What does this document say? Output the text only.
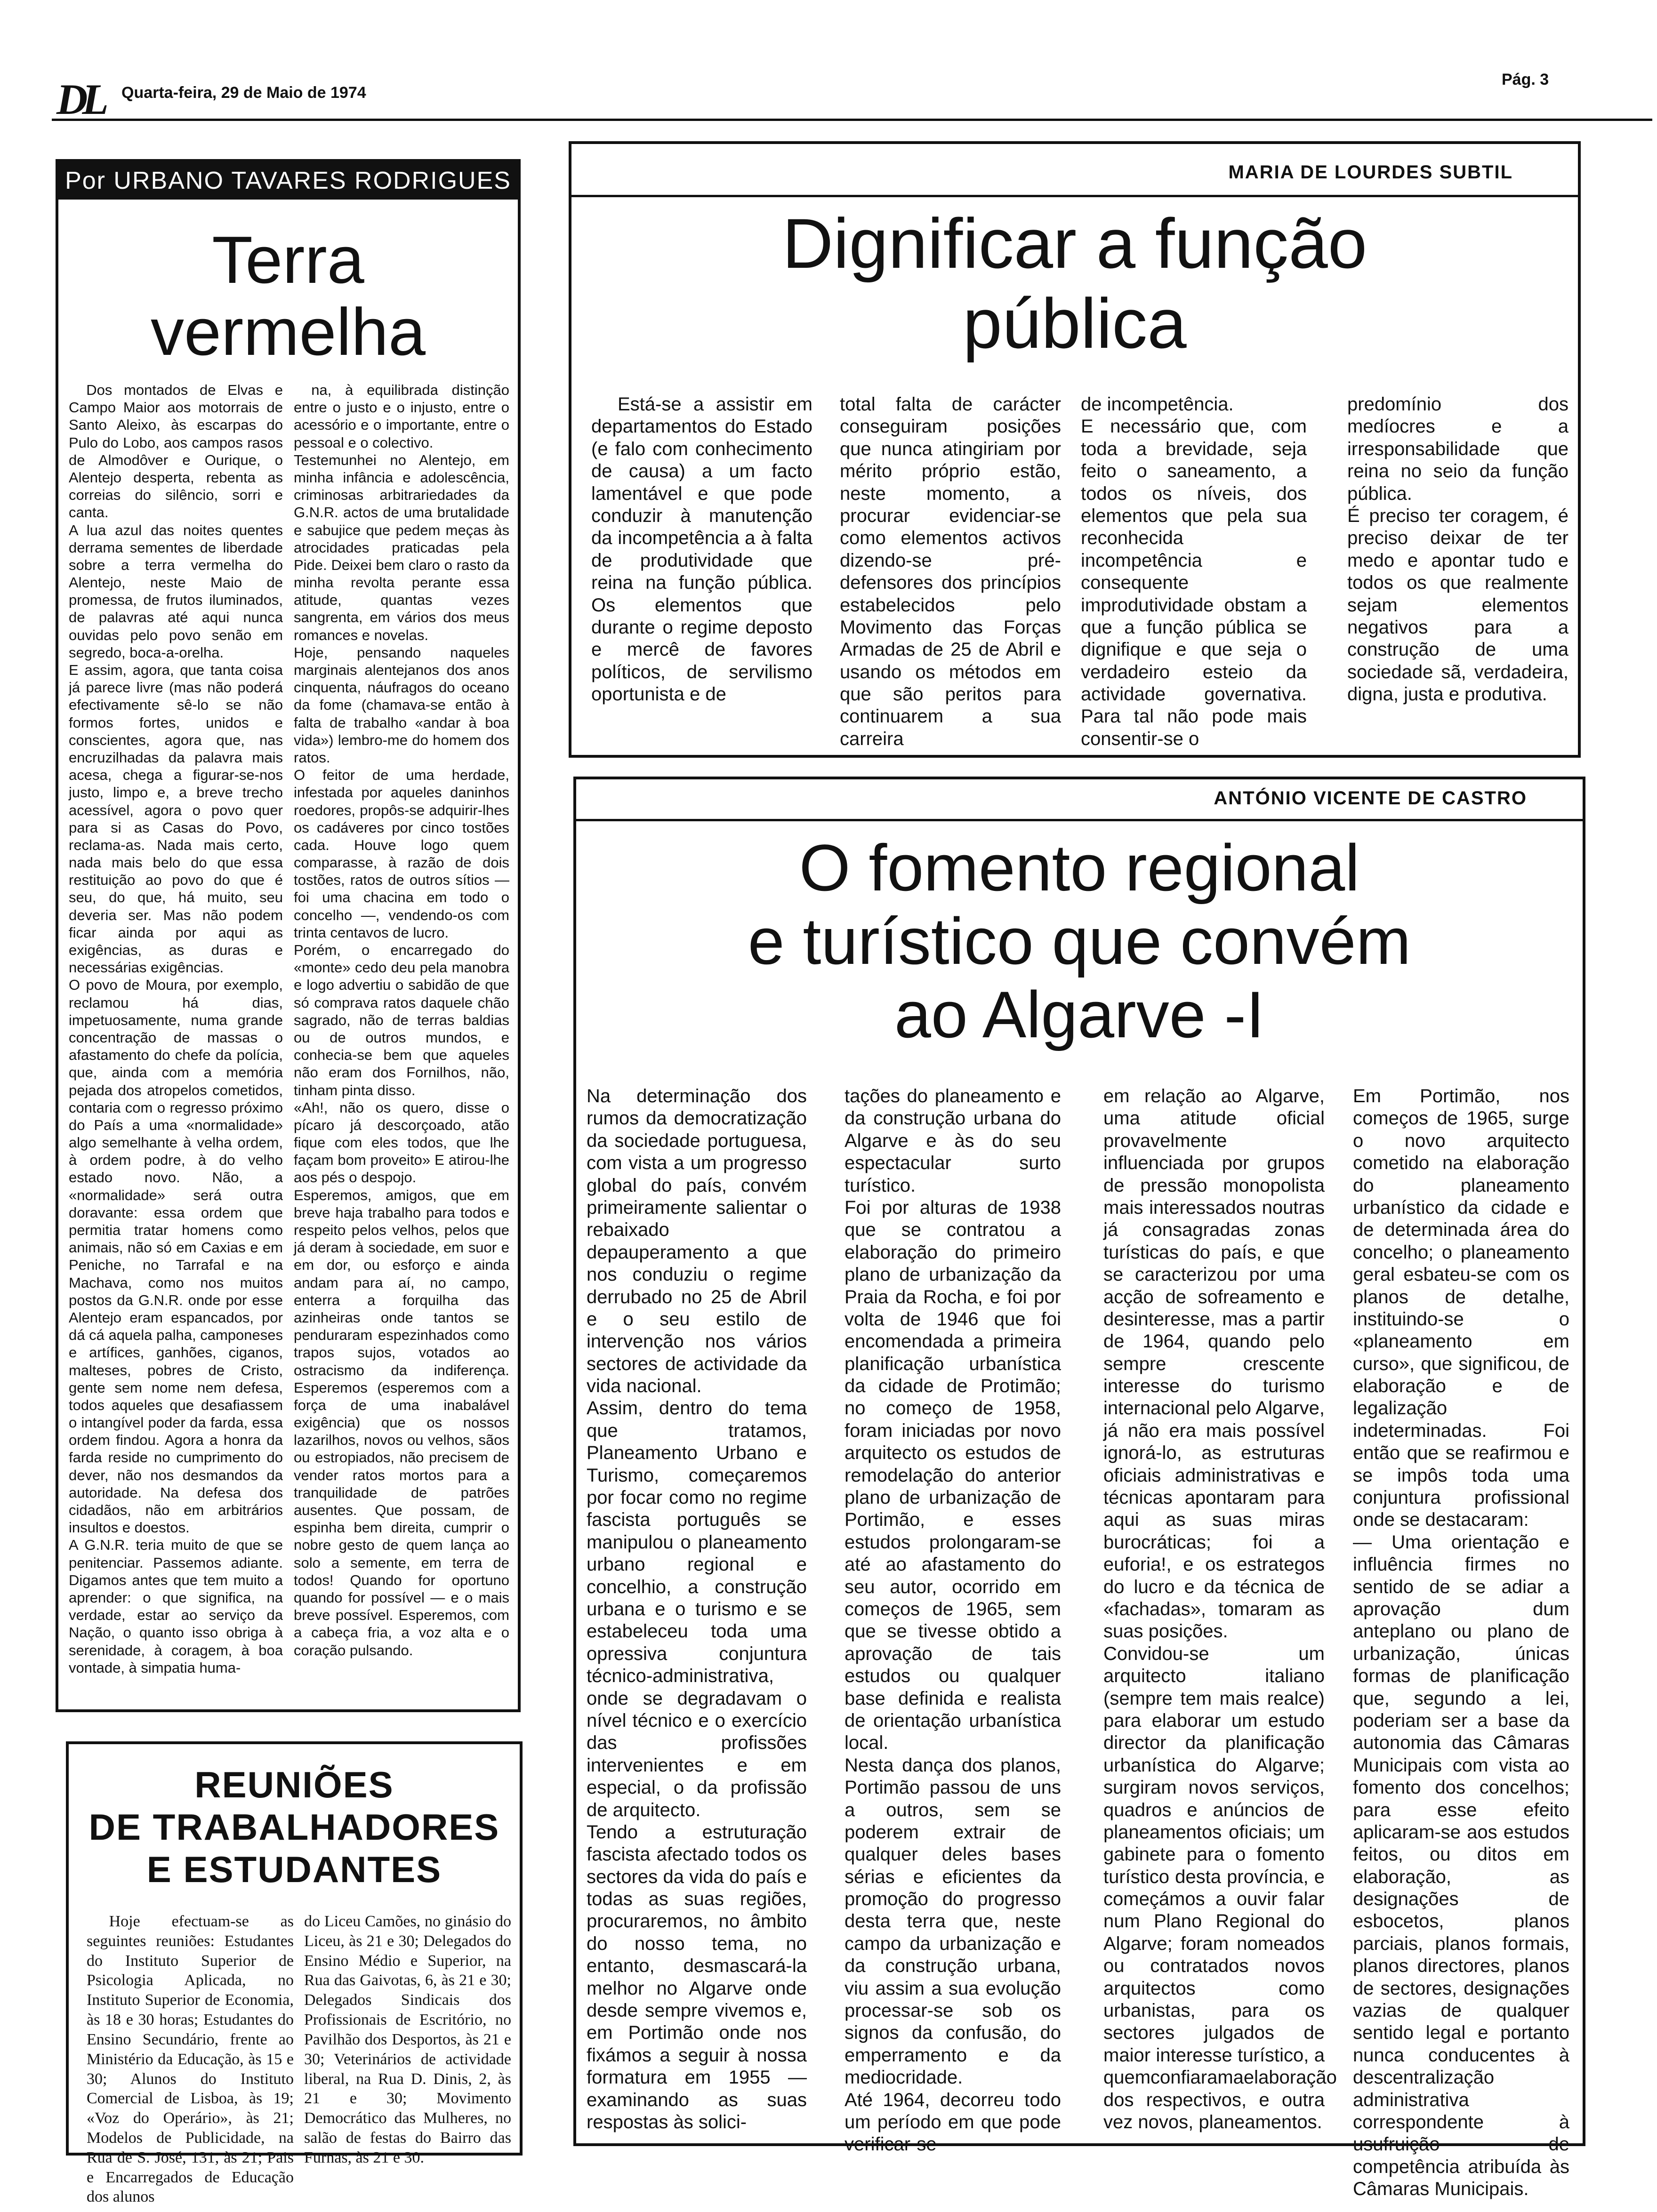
DL Quarta-feira, 29 de Maio de 1974
Pág. 3
Por URBANO TAVARES RODRIGUES
Terra
vermelha
Dos montados de Elvas e Campo Maior aos motorrais de Santo Aleixo, às escarpas do Pulo do Lobo, aos campos rasos de Almodôver e Ourique, o Alentejo desperta, rebenta as correias do silêncio, sorri e canta.
A lua azul das noites quentes derrama sementes de liberdade sobre a terra vermelha do Alentejo, neste Maio de promessa, de frutos iluminados, de palavras até aqui nunca ouvidas pelo povo senão em segredo, boca-a-orelha.
E assim, agora, que tanta coisa já parece livre (mas não poderá efectivamente sê-lo se não formos fortes, unidos e conscientes, agora que, nas encruzilhadas da palavra mais acesa, chega a figurar-se-nos justo, limpo e, a breve trecho acessível, agora o povo quer para si as Casas do Povo, reclama-as. Nada mais certo, nada mais belo do que essa restituição ao povo do que é seu, do que, há muito, seu deveria ser. Mas não podem ficar ainda por aqui as exigências, as duras e necessárias exigências.
O povo de Moura, por exemplo, reclamou há dias, impetuosamente, numa grande concentração de massas o afastamento do chefe da polícia, que, ainda com a memória pejada dos atropelos cometidos, contaria com o regresso próximo do País a uma «normalidade» algo semelhante à velha ordem, à ordem podre, à do velho estado novo. Não, a «normalidade» será outra doravante: essa ordem que permitia tratar homens como animais, não só em Caxias e em Peniche, no Tarrafal e na Machava, como nos muitos postos da G.N.R. onde por esse Alentejo eram espancados, por dá cá aquela palha, camponeses e artífices, ganhões, ciganos, malteses, pobres de Cristo, gente sem nome nem defesa, todos aqueles que desafiassem o intangível poder da farda, essa ordem findou. Agora a honra da farda reside no cumprimento do dever, não nos desmandos da autoridade. Na defesa dos cidadãos, não em arbitrários insultos e doestos.
A G.N.R. teria muito de que se penitenciar. Passemos adiante. Digamos antes que tem muito a aprender: o que significa, na verdade, estar ao serviço da Nação, o quanto isso obriga à serenidade, à coragem, à boa vontade, à simpatia huma-
na, à equilibrada distinção entre o justo e o injusto, entre o acessório e o importante, entre o pessoal e o colectivo.
Testemunhei no Alentejo, em minha infância e adolescência, criminosas arbitrariedades da G.N.R. actos de uma brutalidade e sabujice que pedem meças às atrocidades praticadas pela Pide. Deixei bem claro o rasto da minha revolta perante essa atitude, quantas vezes sangrenta, em vários dos meus romances e novelas.
Hoje, pensando naqueles marginais alentejanos dos anos cinquenta, náufragos do oceano da fome (chamava-se então à falta de trabalho «andar à boa vida») lembro-me do homem dos ratos.
O feitor de uma herdade, infestada por aqueles daninhos roedores, propôs-se adquirir-lhes os cadáveres por cinco tostões cada. Houve logo quem comparasse, à razão de dois tostões, ratos de outros sítios — foi uma chacina em todo o concelho —, vendendo-os com trinta centavos de lucro.
Porém, o encarregado do «monte» cedo deu pela manobra e logo advertiu o sabidão de que só comprava ratos daquele chão sagrado, não de terras baldias ou de outros mundos, e conhecia-se bem que aqueles não eram dos Fornilhos, não, tinham pinta disso.
«Ah!, não os quero, disse o pícaro já descorçoado, atão fique com eles todos, que lhe façam bom proveito» E atirou-lhe aos pés o despojo.
Esperemos, amigos, que em breve haja trabalho para todos e respeito pelos velhos, pelos que já deram à sociedade, em suor e em dor, ou esforço e ainda andam para aí, no campo, enterra a forquilha das azinheiras onde tantos se penduraram espezinhados como trapos sujos, votados ao ostracismo da indiferença. Esperemos (esperemos com a força de uma inabalável exigência) que os nossos lazarilhos, novos ou velhos, sãos ou estropiados, não precisem de vender ratos mortos para a tranquilidade de patrões ausentes. Que possam, de espinha bem direita, cumprir o nobre gesto de quem lança ao solo a semente, em terra de todos! Quando for oportuno quando for possível — e o mais breve possível. Esperemos, com a cabeça fria, a voz alta e o coração pulsando.
MARIA DE LOURDES SUBTIL
Dignificar a função
pública
Está-se a assistir em departamentos do Estado (e falo com conhecimento de causa) a um facto lamentável e que pode conduzir à manutenção da incompetência a à falta de produtividade que reina na função pública. Os elementos que durante o regime deposto e mercê de favores políticos, de servilismo oportunista e de
total falta de carácter conseguiram posições que nunca atingiriam por mérito próprio estão, neste momento, a procurar evidenciar-se como elementos activos dizendo-se pré-defensores dos princípios estabelecidos pelo Movimento das Forças Armadas de 25 de Abril e usando os métodos em que são peritos para continuarem a sua carreira
de incompetência.
E necessário que, com toda a brevidade, seja feito o saneamento, a todos os níveis, dos elementos que pela sua reconhecida incompetência e consequente improdutividade obstam a que a função pública se dignifique e que seja o verdadeiro esteio da actividade governativa. Para tal não pode mais consentir-se o
predomínio dos medíocres e a irresponsabilidade que reina no seio da função pública.
É preciso ter coragem, é preciso deixar de ter medo e apontar tudo e todos os que realmente sejam elementos negativos para a construção de uma sociedade sã, verdadeira, digna, justa e produtiva.
ANTÓNIO VICENTE DE CASTRO
O fomento regional
e turístico que convém
ao Algarve -I
Na determinação dos rumos da democratização da sociedade portuguesa, com vista a um progresso global do país, convém primeiramente salientar o rebaixado depauperamento a que nos conduziu o regime derrubado no 25 de Abril e o seu estilo de intervenção nos vários sectores de actividade da vida nacional.
Assim, dentro do tema que tratamos, Planeamento Urbano e Turismo, começaremos por focar como no regime fascista português se manipulou o planeamento urbano regional e concelhio, a construção urbana e o turismo e se estabeleceu toda uma opressiva conjuntura técnico-administrativa, onde se degradavam o nível técnico e o exercício das profissões intervenientes e em especial, o da profissão de arquitecto.
Tendo a estruturação fascista afectado todos os sectores da vida do país e todas as suas regiões, procuraremos, no âmbito do nosso tema, no entanto, desmascará-la melhor no Algarve onde desde sempre vivemos e, em Portimão onde nos fixámos a seguir à nossa formatura em 1955 — examinando as suas respostas às solici-
tações do planeamento e da construção urbana do Algarve e às do seu espectacular surto turístico.
Foi por alturas de 1938 que se contratou a elaboração do primeiro plano de urbanização da Praia da Rocha, e foi por volta de 1946 que foi encomendada a primeira planificação urbanística da cidade de Protimão; no começo de 1958, foram iniciadas por novo arquitecto os estudos de remodelação do anterior plano de urbanização de Portimão, e esses estudos prolongaram-se até ao afastamento do seu autor, ocorrido em começos de 1965, sem que se tivesse obtido a aprovação de tais estudos ou qualquer base definida e realista de orientação urbanística local.
Nesta dança dos planos, Portimão passou de uns a outros, sem se poderem extrair de qualquer deles bases sérias e eficientes da promoção do progresso desta terra que, neste campo da urbanização e da construção urbana, viu assim a sua evolução processar-se sob os signos da confusão, do emperramento e da mediocridade.
Até 1964, decorreu todo um período em que pode verificar-se
em relação ao Algarve, uma atitude oficial provavelmente influenciada por grupos de pressão monopolista mais interessados noutras já consagradas zonas turísticas do país, e que se caracterizou por uma acção de sofreamento e desinteresse, mas a partir de 1964, quando pelo sempre crescente interesse do turismo internacional pelo Algarve, já não era mais possível ignorá-lo, as estruturas oficiais administrativas e técnicas apontaram para aqui as suas miras burocráticas; foi a euforia!, e os estrategos do lucro e da técnica de «fachadas», tomaram as suas posições.
Convidou-se um arquitecto italiano (sempre tem mais realce) para elaborar um estudo director da planificação urbanística do Algarve; surgiram novos serviços, quadros e anúncios de planeamentos oficiais; um gabinete para o fomento turístico desta província, e começámos a ouvir falar num Plano Regional do Algarve; foram nomeados ou contratados novos arquitectos como urbanistas, para os sectores julgados de maior interesse turístico, a quemconfiaramaelaboração dos respectivos, e outra vez novos, planeamentos.
Em Portimão, nos começos de 1965, surge o novo arquitecto cometido na elaboração do planeamento urbanístico da cidade e de determinada área do concelho; o planeamento geral esbateu-se com os planos de detalhe, instituindo-se o «planeamento em curso», que significou, de elaboração e de legalização indeterminadas. Foi então que se reafirmou e se impôs toda uma conjuntura profissional onde se destacaram:
— Uma orientação e influência firmes no sentido de se adiar a aprovação dum anteplano ou plano de urbanização, únicas formas de planificação que, segundo a lei, poderiam ser a base da autonomia das Câmaras Municipais com vista ao fomento dos concelhos; para esse efeito aplicaram-se aos estudos feitos, ou ditos em elaboração, as designações de esbocetos, planos parciais, planos formais, planos directores, planos de sectores, designações vazias de qualquer sentido legal e portanto nunca conducentes à descentralização administrativa correspondente à usufruição de competência atribuída às Câmaras Municipais.
REUNIÕES
DE TRABALHADORES
E ESTUDANTES
Hoje efectuam-se as seguintes reuniões: Estudantes do Instituto Superior de Psicologia Aplicada, no Instituto Superior de Economia, às 18 e 30 horas; Estudantes do Ensino Secundário, frente ao Ministério da Educação, às 15 e 30; Alunos do Instituto Comercial de Lisboa, às 19; «Voz do Operário», às 21; Modelos de Publicidade, na Rua de S. José, 131, às 21; Pais e Encarregados de Educação dos alunos
do Liceu Camões, no ginásio do Liceu, às 21 e 30; Delegados do Ensino Médio e Superior, na Rua das Gaivotas, 6, às 21 e 30; Delegados Sindicais dos Profissionais de Escritório, no Pavilhão dos Desportos, às 21 e 30; Veterinários de actividade liberal, na Rua D. Dinis, 2, às 21 e 30; Movimento Democrático das Mulheres, no salão de festas do Bairro das Furnas, às 21 e 30.
